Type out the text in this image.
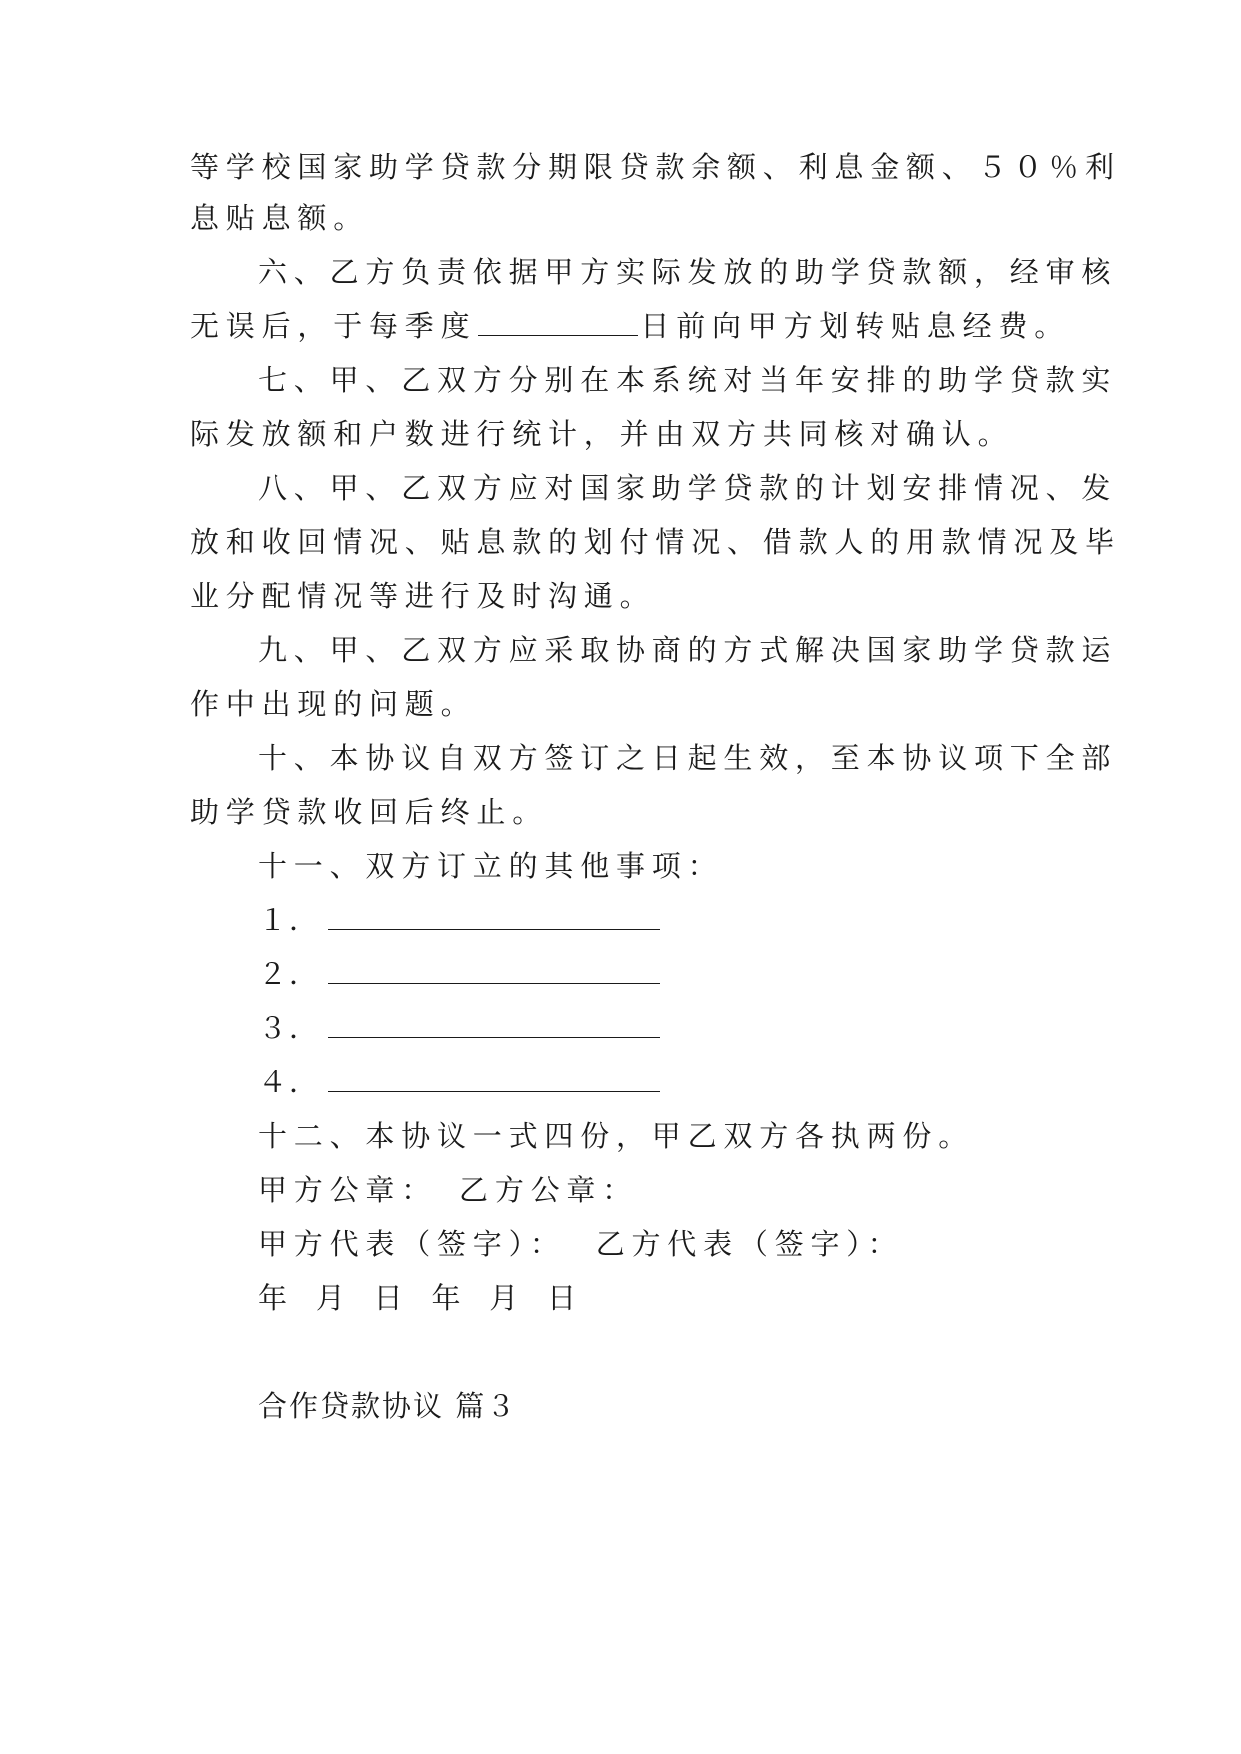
等学校国家助学贷款分期限贷款余额、利息金额、５０％利
息贴息额。
六、乙方负责依据甲方实际发放的助学贷款额，经审核
无误后，于每季度	日前向甲方划转贴息经费。
七、甲、乙双方分别在本系统对当年安排的助学贷款实
际发放额和户数进行统计，并由双方共同核对确认。
八、甲、乙双方应对国家助学贷款的计划安排情况、发
放和收回情况、贴息款的划付情况、借款人的用款情况及毕
业分配情况等进行及时沟通。
九、甲、乙双方应采取协商的方式解决国家助学贷款运
作中出现的问题。
十、本协议自双方签订之日起生效，至本协议项下全部
助学贷款收回后终止。
十一、双方订立的其他事项：
１．
２．
３．
４．
十二、本协议一式四份，甲乙双方各执两份。
甲方公章： 乙方公章：
甲方代表（签字）： 乙方代表（签字）：
年 月 日 年 月 日
合作贷款协议 篇３
